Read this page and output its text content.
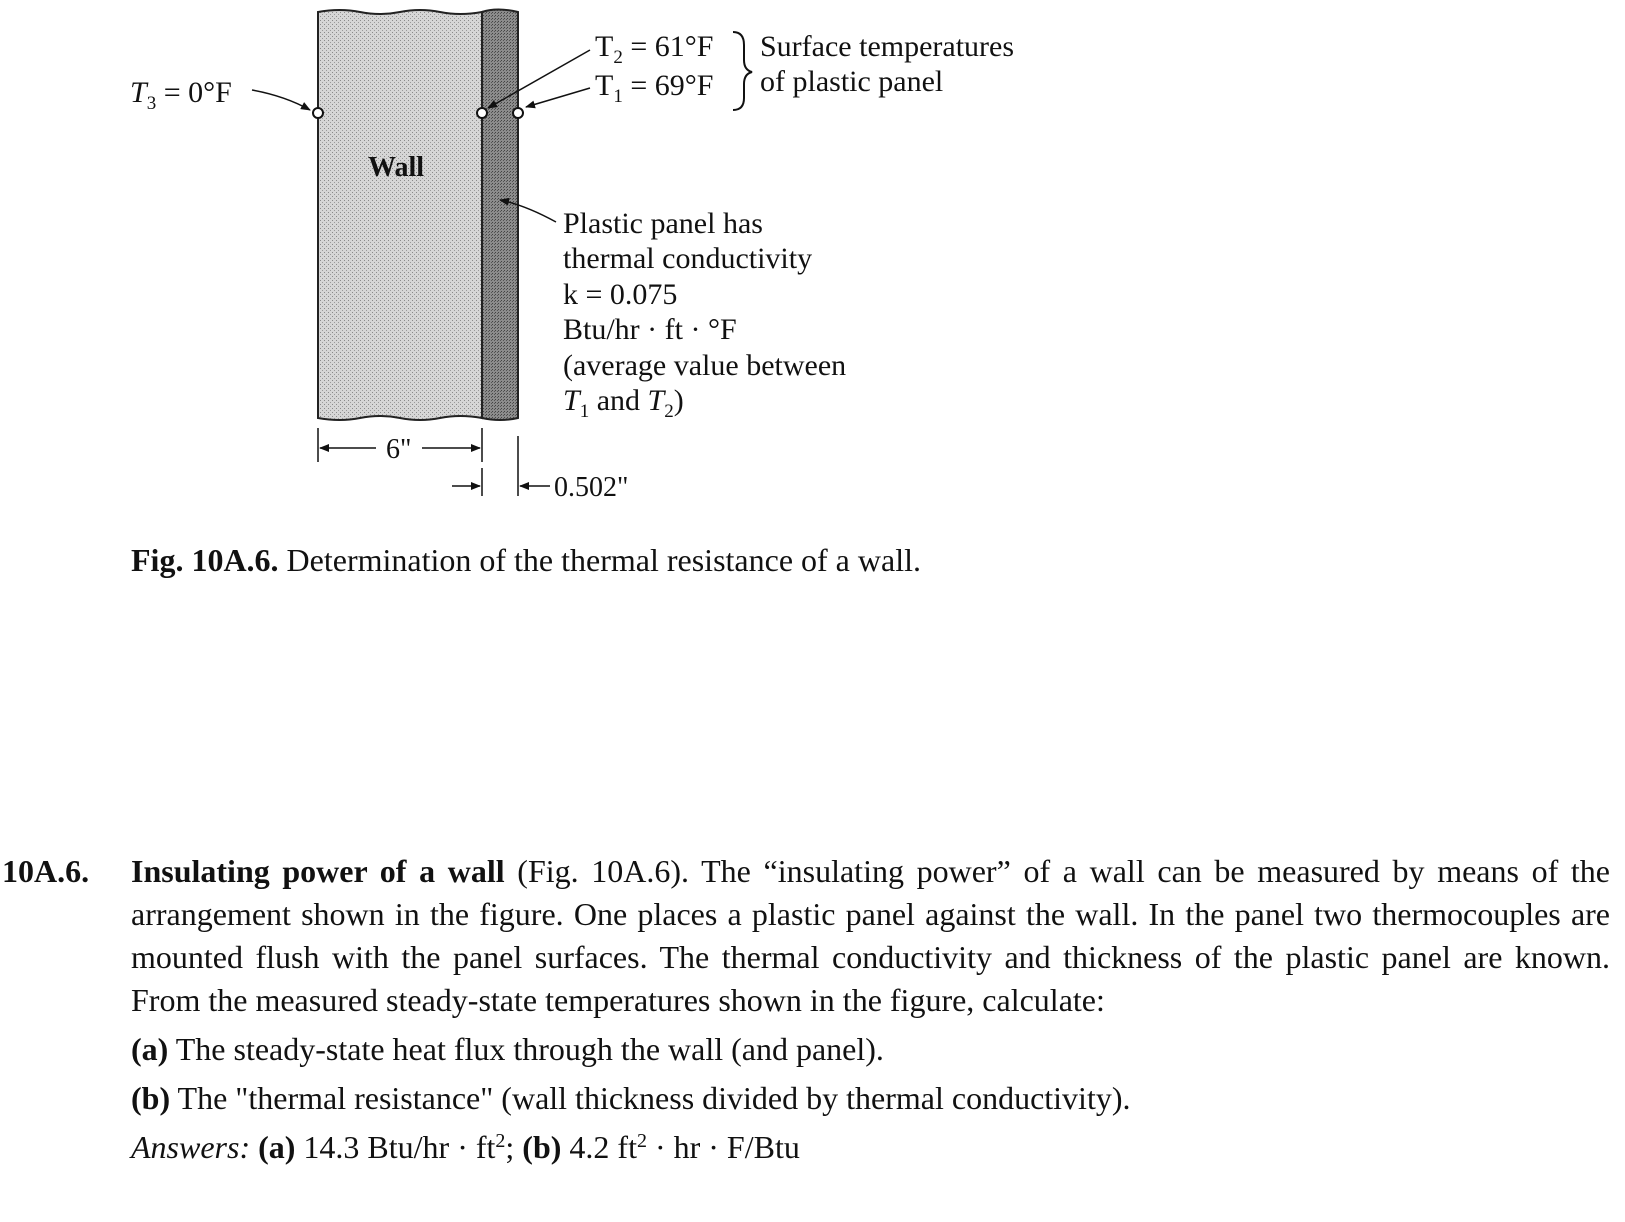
$T_3 = 0^\circ F$
$T_2 = 61^\circ F$
$T_1 = 69^\circ F$
Surface temperatures
of plastic panel
Wall
Plastic panel has
thermal conductivity
k = 0.075
Btu/hr · ft · °F
(average value between
$T_1$ and $T_2$)
6"
0.502"
Fig. 10A.6. Determination of the thermal resistance of a wall.
10A.6. Insulating power of a wall (Fig. 10A.6). The “insulating power” of a wall can be measured by means of the arrangement shown in the figure. One places a plastic panel against the wall. In the panel two thermocouples are mounted flush with the panel surfaces. The thermal conductivity and thickness of the plastic panel are known. From the measured steady-state temperatures shown in the figure, calculate:
(a) The steady-state heat flux through the wall (and panel).
(b) The "thermal resistance" (wall thickness divided by thermal conductivity).
Answers: (a) 14.3 $Btu/hr \cdot ft^2$; (b) 4.2 $ft^2$ · hr · F/Btu
